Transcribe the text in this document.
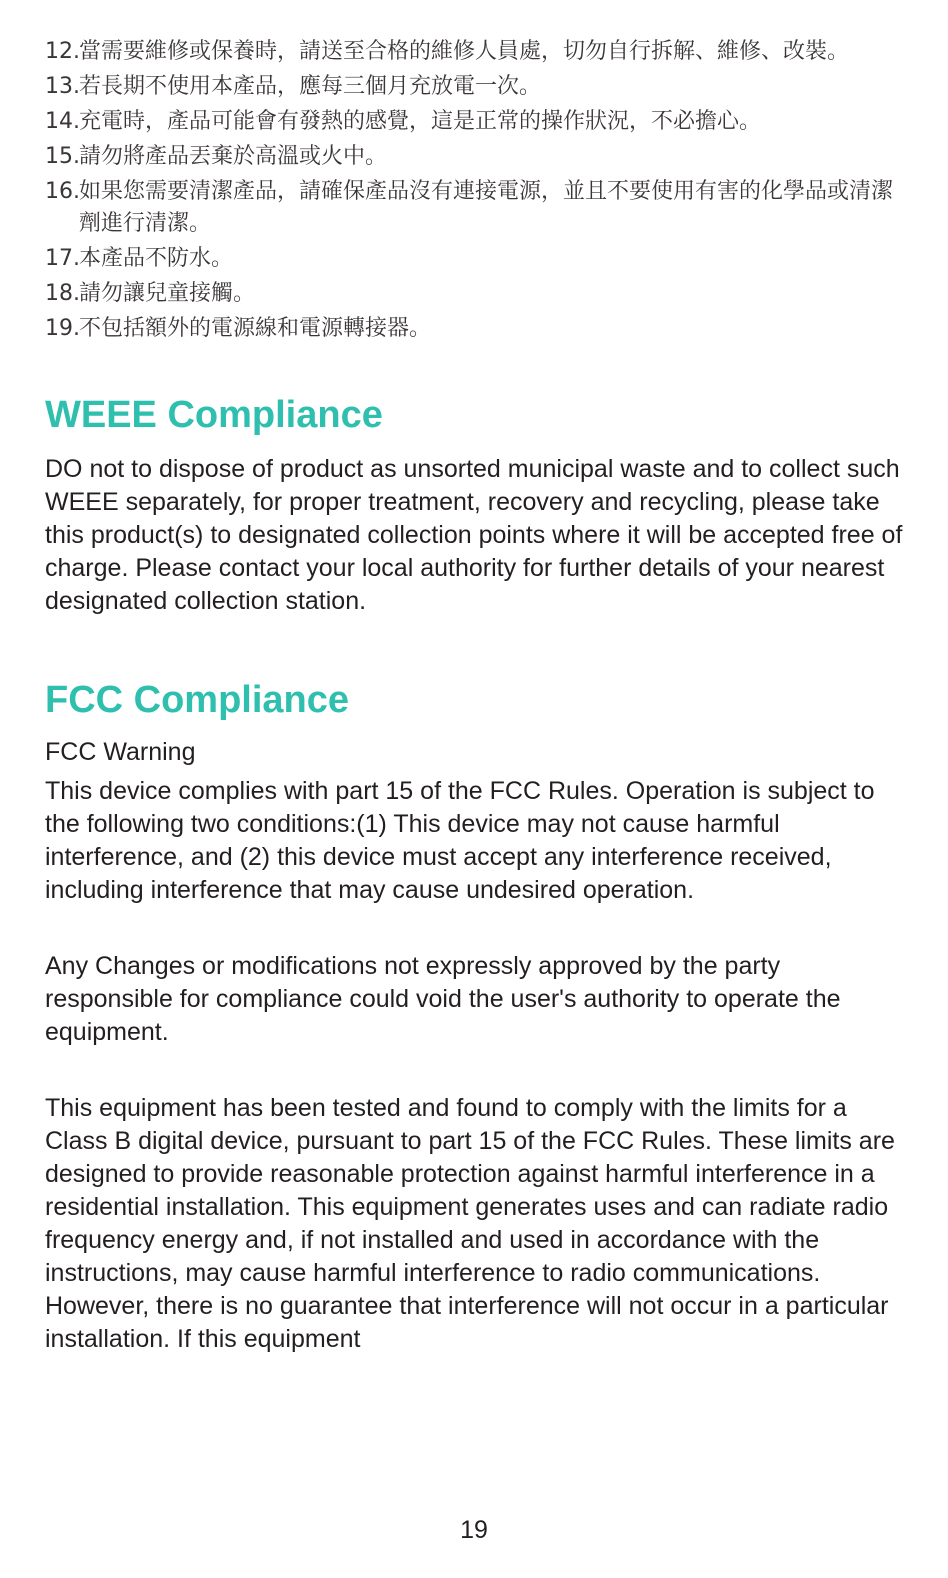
12. 當需要維修或保養時，請送至合格的維修人員處，切勿自行拆解、維修、改裝。
13. 若長期不使用本產品，應每三個月充放電一次。
14. 充電時，產品可能會有發熱的感覺，這是正常的操作狀況，不必擔心。
15. 請勿將產品丟棄於高溫或火中。
16. 如果您需要清潔產品，請確保產品沒有連接電源，並且不要使用有害的化學品或清潔劑進行清潔。
17. 本產品不防水。
18. 請勿讓兒童接觸。
19. 不包括額外的電源線和電源轉接器。
WEEE Compliance

DO not to dispose of product as unsorted municipal waste and to collect such WEEE separately, for proper treatment, recovery and recycling, please take this product(s) to designated collection points where it will be accepted free of charge. Please contact your local authority for further details of your nearest designated collection station.

FCC Compliance

FCC Warning

This device complies with part 15 of the FCC Rules. Operation is subject to the following two conditions:(1) This device may not cause harmful interference, and (2) this device must accept any interference received, including interference that may cause undesired operation.

Any Changes or modifications not expressly approved by the party responsible for compliance could void the user's authority to operate the equipment.

This equipment has been tested and found to comply with the limits for a Class B digital device, pursuant to part 15 of the FCC Rules. These limits are designed to provide reasonable protection against harmful interference in a residential installation. This equipment generates uses and can radiate radio frequency energy and, if not installed and used in accordance with the instructions, may cause harmful interference to radio communications. However, there is no guarantee that interference will not occur in a particular installation. If this equipment

19
